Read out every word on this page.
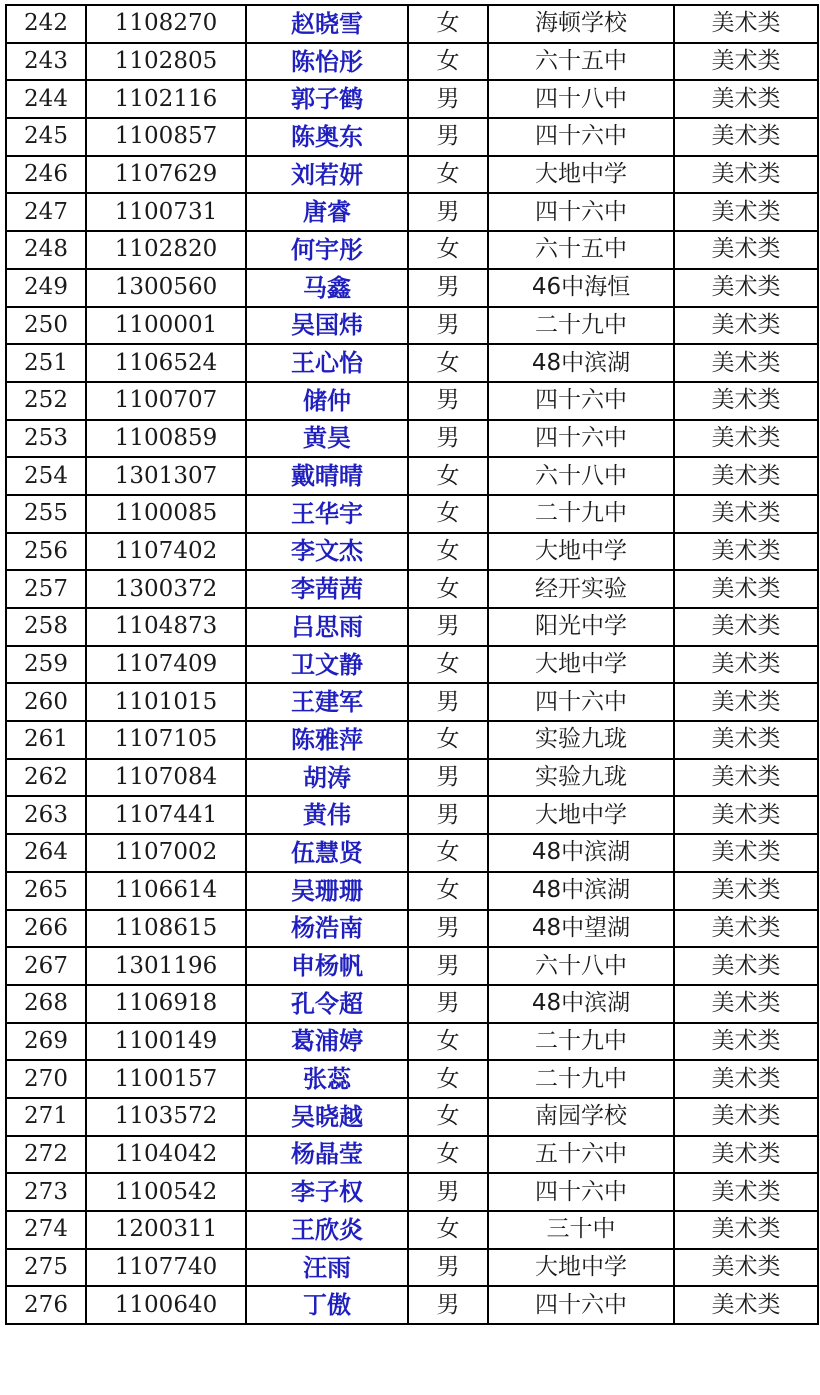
242	1108270	赵晓雪	女	海顿学校	美术类
243	1102805	陈怡彤	女	六十五中	美术类
244	1102116	郭子鹤	男	四十八中	美术类
245	1100857	陈奥东	男	四十六中	美术类
246	1107629	刘若妍	女	大地中学	美术类
247	1100731	唐睿	男	四十六中	美术类
248	1102820	何宇彤	女	六十五中	美术类
249	1300560	马鑫	男	46中海恒	美术类
250	1100001	吴国炜	男	二十九中	美术类
251	1106524	王心怡	女	48中滨湖	美术类
252	1100707	储仲	男	四十六中	美术类
253	1100859	黄昊	男	四十六中	美术类
254	1301307	戴晴晴	女	六十八中	美术类
255	1100085	王华宇	女	二十九中	美术类
256	1107402	李文杰	女	大地中学	美术类
257	1300372	李茜茜	女	经开实验	美术类
258	1104873	吕思雨	男	阳光中学	美术类
259	1107409	卫文静	女	大地中学	美术类
260	1101015	王建军	男	四十六中	美术类
261	1107105	陈雅萍	女	实验九珑	美术类
262	1107084	胡涛	男	实验九珑	美术类
263	1107441	黄伟	男	大地中学	美术类
264	1107002	伍慧贤	女	48中滨湖	美术类
265	1106614	吴珊珊	女	48中滨湖	美术类
266	1108615	杨浩南	男	48中望湖	美术类
267	1301196	申杨帆	男	六十八中	美术类
268	1106918	孔令超	男	48中滨湖	美术类
269	1100149	葛浦婷	女	二十九中	美术类
270	1100157	张蕊	女	二十九中	美术类
271	1103572	吴晓越	女	南园学校	美术类
272	1104042	杨晶莹	女	五十六中	美术类
273	1100542	李子权	男	四十六中	美术类
274	1200311	王欣炎	女	三十中	美术类
275	1107740	汪雨	男	大地中学	美术类
276	1100640	丁傲	男	四十六中	美术类
